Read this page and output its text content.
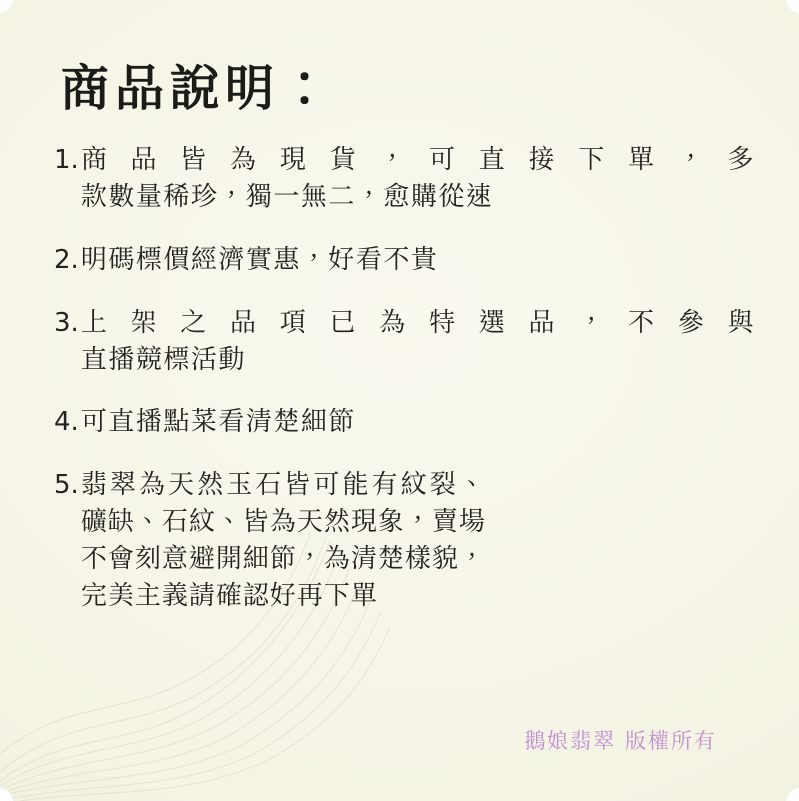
商品說明：
1. 商品皆為現貨，可直接下單，多
款數量稀珍，獨一無二，愈購從速
2. 明碼標價經濟實惠，好看不貴
3. 上架之品項已為特選品，不參與
直播競標活動
4. 可直播點菜看清楚細節
5. 翡翠為天然玉石皆可能有紋裂、
礦缺、石紋、皆為天然現象，賣場
不會刻意避開細節，為清楚樣貌，
完美主義請確認好再下單
鵝娘翡翠 版權所有
